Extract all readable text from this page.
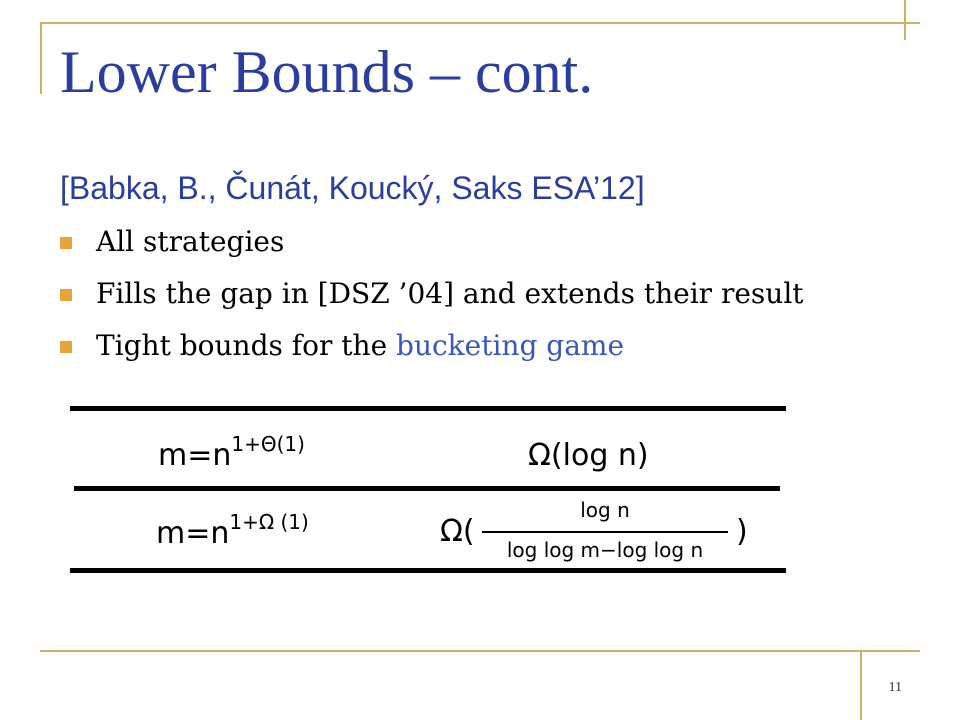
Lower Bounds – cont.
[Babka, B., Čunát, Koucký, Saks ESA’12]
All strategies
Fills the gap in [DSZ ’04] and extends their result
Tight bounds for the bucketing game
$m=n^{1+\Theta(1)}$	Ω(log n)
$m=n^{1+\Omega (1)}$	Ω(
log n
log log m−log log n
)
11
